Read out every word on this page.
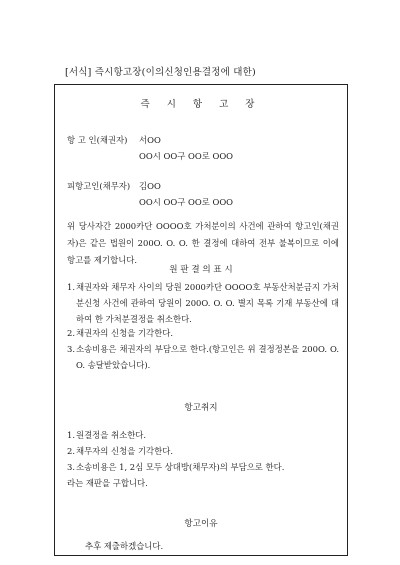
[서식] 즉시항고장(이의신청인용결정에 대한)
즉 시 항 고 장
항 고 인(채권자) 서OO
OO시 OO구 OO로 OOO
피항고인(채무자) 김OO
OO시 OO구 OO로 OOO
위 당사자간 2000카단 OOOO호 가처분이의 사건에 관하여 항고인(채권자)은 같은 법원이 200O. O. O. 한 결정에 대하여 전부 불복이므로 이에 항고를 제기합니다.
원 판 결 의 표 시
1. 채권자와 채무자 사이의 당원 2000카단 OOOO호 부동산처분금지 가처분신청 사건에 관하여 당원이 200O. O. O. 별지 목록 기재 부동산에 대하여 한 가처분결정을 취소한다.
2. 채권자의 신청을 기각한다.
3. 소송비용은 채권자의 부담으로 한다.(항고인은 위 결정정본을 200O. O. O. 송달받았습니다).
항고취지
1. 원결정을 취소한다.
2. 채무자의 신청을 기각한다.
3. 소송비용은 1, 2심 모두 상대방(채무자)의 부담으로 한다.
라는 재판을 구합니다.
항고이유
추후 제출하겠습니다.
